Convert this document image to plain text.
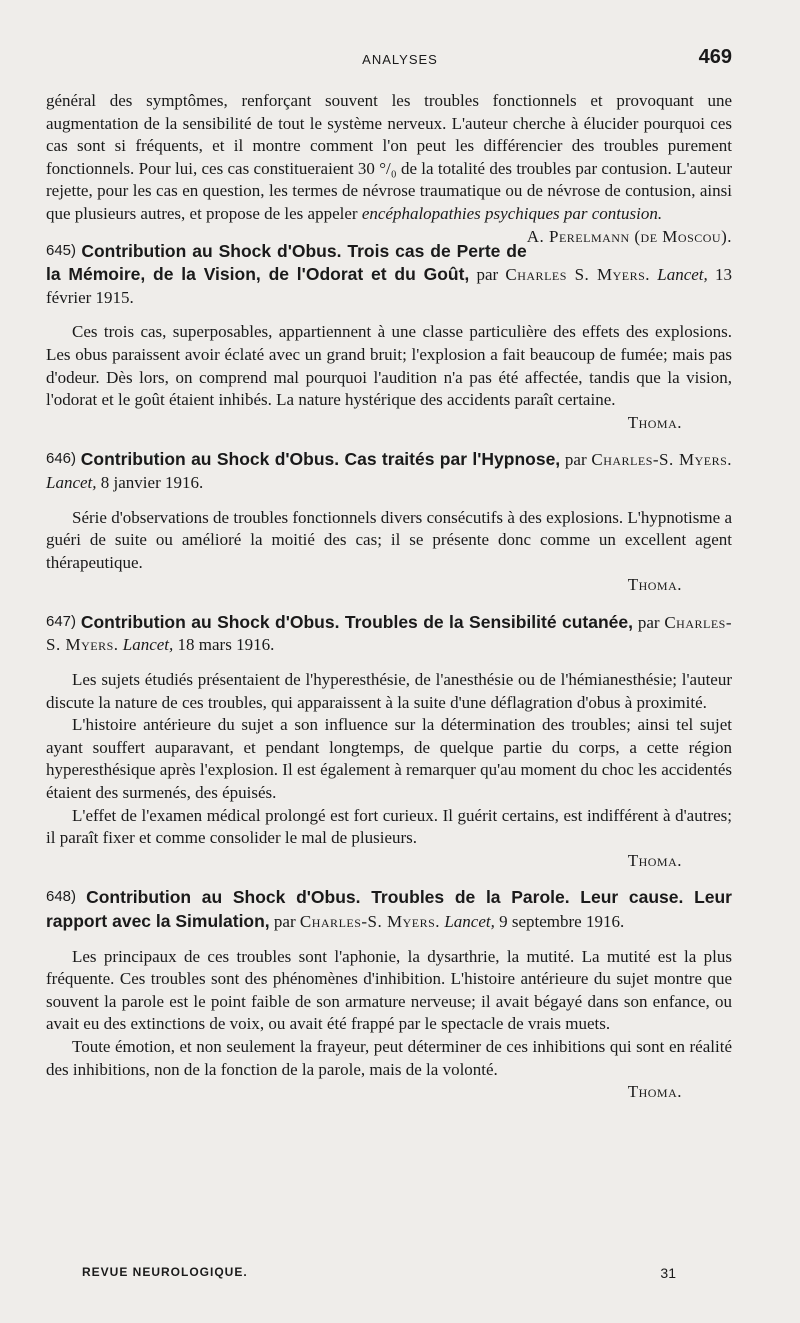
ANALYSES	469

général des symptômes, renforçant souvent les troubles fonctionnels et provoquant une augmentation de la sensibilité de tout le système nerveux. L'auteur cherche à élucider pourquoi ces cas sont si fréquents, et il montre comment l'on peut les différencier des troubles purement fonctionnels. Pour lui, ces cas constitueraient 30 °/₀ de la totalité des troubles par contusion. L'auteur rejette, pour les cas en question, les termes de névrose traumatique ou de névrose de contusion, ainsi que plusieurs autres, et propose de les appeler encéphalopathies psychiques par contusion.
A. Perelmann (de Moscou).

645) Contribution au Shock d'Obus. Trois cas de Perte de la Mémoire, de la Vision, de l'Odorat et du Goût, par Charles S. Myers. Lancet, 13 février 1915.

Ces trois cas, superposables, appartiennent à une classe particulière des effets des explosions. Les obus paraissent avoir éclaté avec un grand bruit; l'explosion a fait beaucoup de fumée; mais pas d'odeur. Dès lors, on comprend mal pourquoi l'audition n'a pas été affectée, tandis que la vision, l'odorat et le goût étaient inhibés. La nature hystérique des accidents paraît certaine.

Thoma.
646) Contribution au Shock d'Obus. Cas traités par l'Hypnose, par Charles-S. Myers. Lancet, 8 janvier 1916.

Série d'observations de troubles fonctionnels divers consécutifs à des explosions. L'hypnotisme a guéri de suite ou amélioré la moitié des cas; il se présente donc comme un excellent agent thérapeutique.

Thoma.
647) Contribution au Shock d'Obus. Troubles de la Sensibilité cutanée, par Charles-S. Myers. Lancet, 18 mars 1916.

Les sujets étudiés présentaient de l'hyperesthésie, de l'anesthésie ou de l'hémianesthésie; l'auteur discute la nature de ces troubles, qui apparaissent à la suite d'une déflagration d'obus à proximité.

L'histoire antérieure du sujet a son influence sur la détermination des troubles; ainsi tel sujet ayant souffert auparavant, et pendant longtemps, de quelque partie du corps, a cette région hyperesthésique après l'explosion. Il est également à remarquer qu'au moment du choc les accidentés étaient des surmenés, des épuisés.

L'effet de l'examen médical prolongé est fort curieux. Il guérit certains, est indifférent à d'autres; il paraît fixer et comme consolider le mal de plusieurs.

Thoma.
648) Contribution au Shock d'Obus. Troubles de la Parole. Leur cause. Leur rapport avec la Simulation, par Charles-S. Myers. Lancet, 9 septembre 1916.

Les principaux de ces troubles sont l'aphonie, la dysarthrie, la mutité. La mutité est la plus fréquente. Ces troubles sont des phénomènes d'inhibition. L'histoire antérieure du sujet montre que souvent la parole est le point faible de son armature nerveuse; il avait bégayé dans son enfance, ou avait eu des extinctions de voix, ou avait été frappé par le spectacle de vrais muets.

Toute émotion, et non seulement la frayeur, peut déterminer de ces inhibitions qui sont en réalité des inhibitions, non de la fonction de la parole, mais de la volonté.

Thoma.
REVUE NEUROLOGIQUE.	31
